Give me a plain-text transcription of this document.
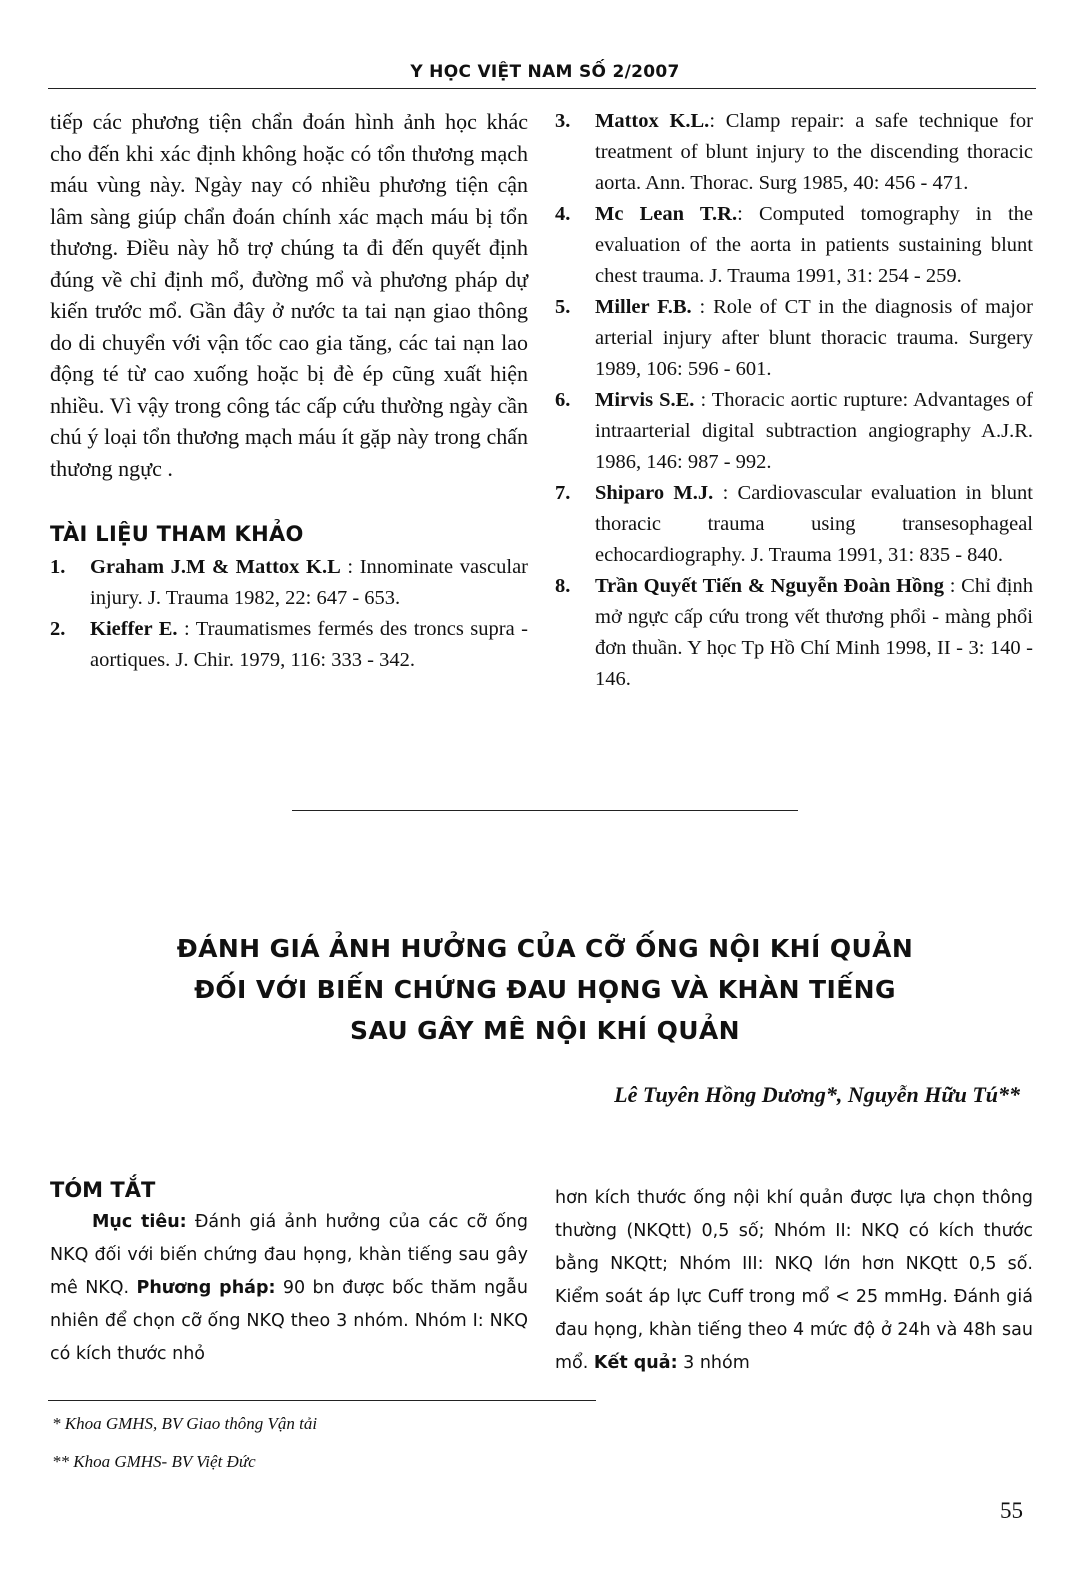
Y HỌC VIỆT NAM SỐ 2/2007

tiếp các phương tiện chẩn đoán hình ảnh học khác cho đến khi xác định không hoặc có tổn thương mạch máu vùng này. Ngày nay có nhiều phương tiện cận lâm sàng giúp chẩn đoán chính xác mạch máu bị tổn thương. Điều này hỗ trợ chúng ta đi đến quyết định đúng về chỉ định mổ, đường mổ và phương pháp dự kiến trước mổ. Gần đây ở nước ta tai nạn giao thông do di chuyển với vận tốc cao gia tăng, các tai nạn lao động té từ cao xuống hoặc bị đè ép cũng xuất hiện nhiều. Vì vậy trong công tác cấp cứu thường ngày cần chú ý loại tổn thương mạch máu ít gặp này trong chấn thương ngực .

TÀI LIỆU THAM KHẢO
1.	Graham J.M & Mattox K.L : Innominate vascular injury. J. Trauma 1982, 22: 647 - 653.
2.	Kieffer E. : Traumatismes fermés des troncs supra - aortiques. J. Chir. 1979, 116: 333 - 342.
3.	Mattox K.L.: Clamp repair: a safe technique for treatment of blunt injury to the discending thoracic aorta. Ann. Thorac. Surg 1985, 40: 456 - 471.
4.	Mc Lean T.R.: Computed tomography in the evaluation of the aorta in patients sustaining blunt chest trauma. J. Trauma 1991, 31: 254 - 259.
5.	Miller F.B. : Role of CT in the diagnosis of major arterial injury after blunt thoracic trauma. Surgery 1989, 106: 596 - 601.
6.	Mirvis S.E. : Thoracic aortic rupture: Advantages of intraarterial digital subtraction angiography A.J.R. 1986, 146: 987 - 992.
7.	Shiparo M.J. : Cardiovascular evaluation in blunt thoracic trauma using transesophageal echocardiography. J. Trauma 1991, 31: 835 - 840.
8.	Trần Quyết Tiến & Nguyễn Đoàn Hồng : Chỉ định mở ngực cấp cứu trong vết thương phổi - màng phổi đơn thuần. Y học Tp Hồ Chí Minh 1998, II - 3: 140 - 146.
ĐÁNH GIÁ ẢNH HƯỞNG CỦA CỠ ỐNG NỘI KHÍ QUẢN
ĐỐI VỚI BIẾN CHỨNG ĐAU HỌNG VÀ KHÀN TIẾNG
SAU GÂY MÊ NỘI KHÍ QUẢN

Lê Tuyên Hồng Dương*, Nguyễn Hữu Tú**

TÓM TẮT

Mục tiêu: Đánh giá ảnh hưởng của các cỡ ống NKQ đối với biến chứng đau họng, khàn tiếng sau gây mê NKQ. Phương pháp: 90 bn được bốc thăm ngẫu nhiên để chọn cỡ ống NKQ theo 3 nhóm. Nhóm I: NKQ có kích thước nhỏ

hơn kích thước ống nội khí quản được lựa chọn thông thường (NKQtt) 0,5 số; Nhóm II: NKQ có kích thước bằng NKQtt; Nhóm III: NKQ lớn hơn NKQtt 0,5 số. Kiểm soát áp lực Cuff trong mổ < 25 mmHg. Đánh giá đau họng, khàn tiếng theo 4 mức độ ở 24h và 48h sau mổ. Kết quả: 3 nhóm

* Khoa GMHS, BV Giao thông Vận tải

** Khoa GMHS- BV Việt Đức

55
